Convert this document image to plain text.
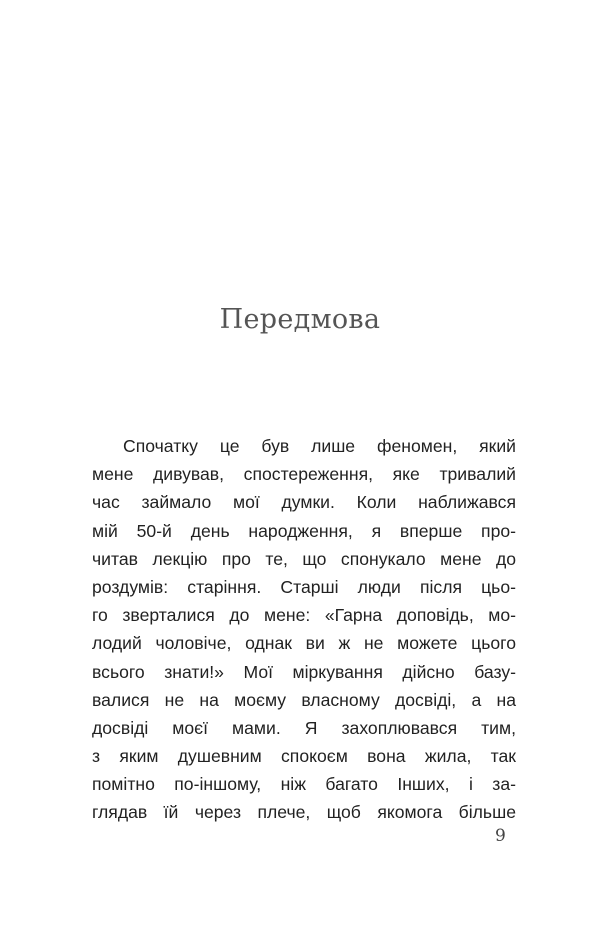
Передмова
Спочатку це був лише феномен, який
мене дивував, спостереження, яке тривалий
час займало мої думки. Коли наближався
мій 50-й день народження, я вперше про-
читав лекцію про те, що спонукало мене до
роздумів: старіння. Старші люди після цьо-
го зверталися до мене: «Гарна доповідь, мо-
лодий чоловіче, однак ви ж не можете цього
всього знати!» Мої міркування дійсно базу-
валися не на моєму власному досвіді, а на
досвіді моєї мами. Я захоплювався тим,
з яким душевним спокоєм вона жила, так
помітно по-іншому, ніж багато Інших, і за-
глядав їй через плече, щоб якомога більше
9
